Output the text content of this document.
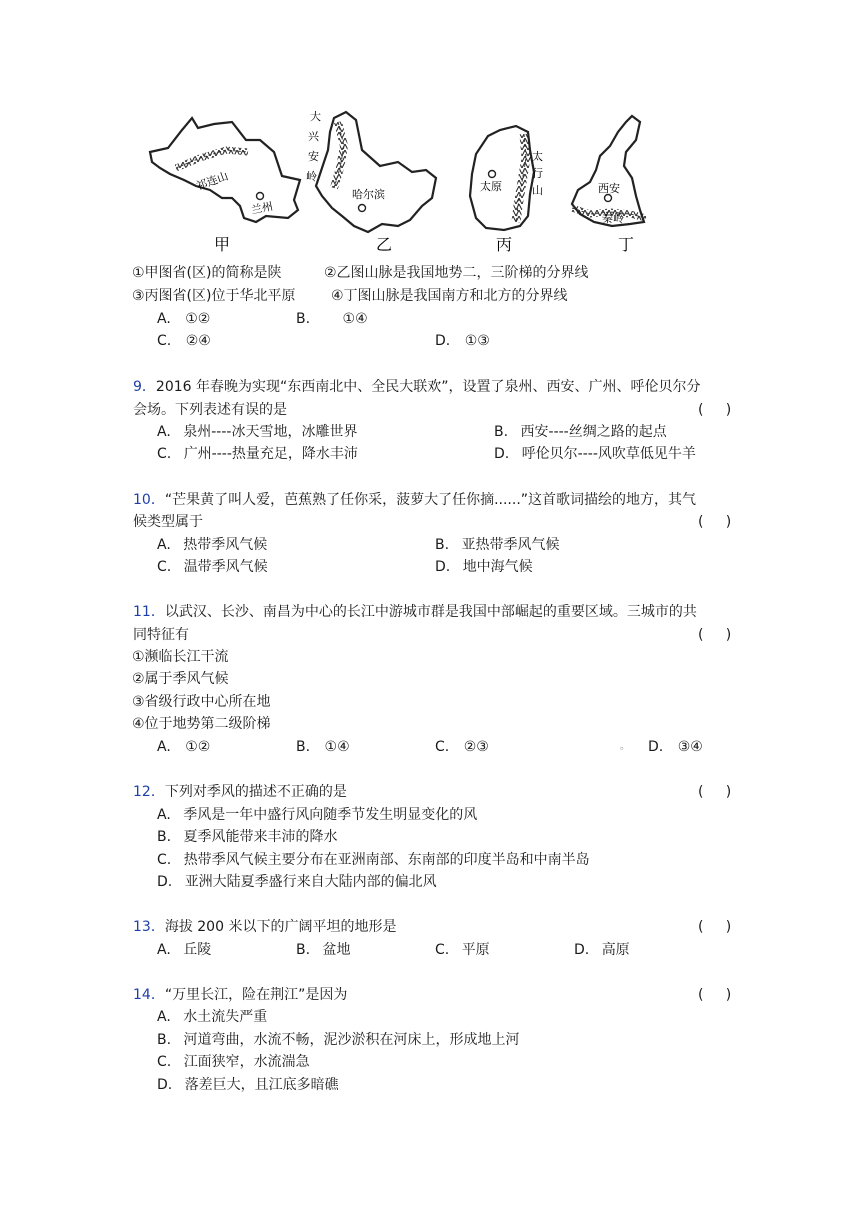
祁连山
兰州
甲
大
兴
安
岭
哈尔滨
乙
太原
太
行
山
丙
西安
秦岭
丁
①甲图省(区)的简称是陕	②乙图山脉是我国地势二，三阶梯的分界线
③丙图省(区)位于华北平原	④丁图山脉是我国南方和北方的分界线
A. ①②	B. ①④
C. ②④	D. ①③
9．2016 年春晚为实现“东西南北中、全民大联欢”，设置了泉州、西安、广州、呼伦贝尔分
会场。下列表述有误的是	(     )
A. 泉州----冰天雪地，冰雕世界	B. 西安----丝绸之路的起点
C. 广州----热量充足，降水丰沛	D. 呼伦贝尔----风吹草低见牛羊
10．“芒果黄了叫人爱，芭蕉熟了任你采，菠萝大了任你摘......”这首歌词描绘的地方，其气
候类型属于	(     )
A. 热带季风气候	B. 亚热带季风气候
C. 温带季风气候	D. 地中海气候
11．以武汉、长沙、南昌为中心的长江中游城市群是我国中部崛起的重要区域。三城市的共
同特征有	(     )
①濒临长江干流
②属于季风气候
③省级行政中心所在地
④位于地势第二级阶梯
A. ①②	B. ①④	C. ②③	。 D. ③④
12．下列对季风的描述不正确的是	(     )
A. 季风是一年中盛行风向随季节发生明显变化的风
B. 夏季风能带来丰沛的降水
C. 热带季风气候主要分布在亚洲南部、东南部的印度半岛和中南半岛
D. 亚洲大陆夏季盛行来自大陆内部的偏北风
13．海拔 200 米以下的广阔平坦的地形是	(     )
A. 丘陵	B. 盆地	C. 平原	D. 高原
14．“万里长江，险在荆江”是因为	(     )
A. 水土流失严重
B. 河道弯曲，水流不畅，泥沙淤积在河床上，形成地上河
C. 江面狭窄，水流湍急
D. 落差巨大，且江底多暗礁
